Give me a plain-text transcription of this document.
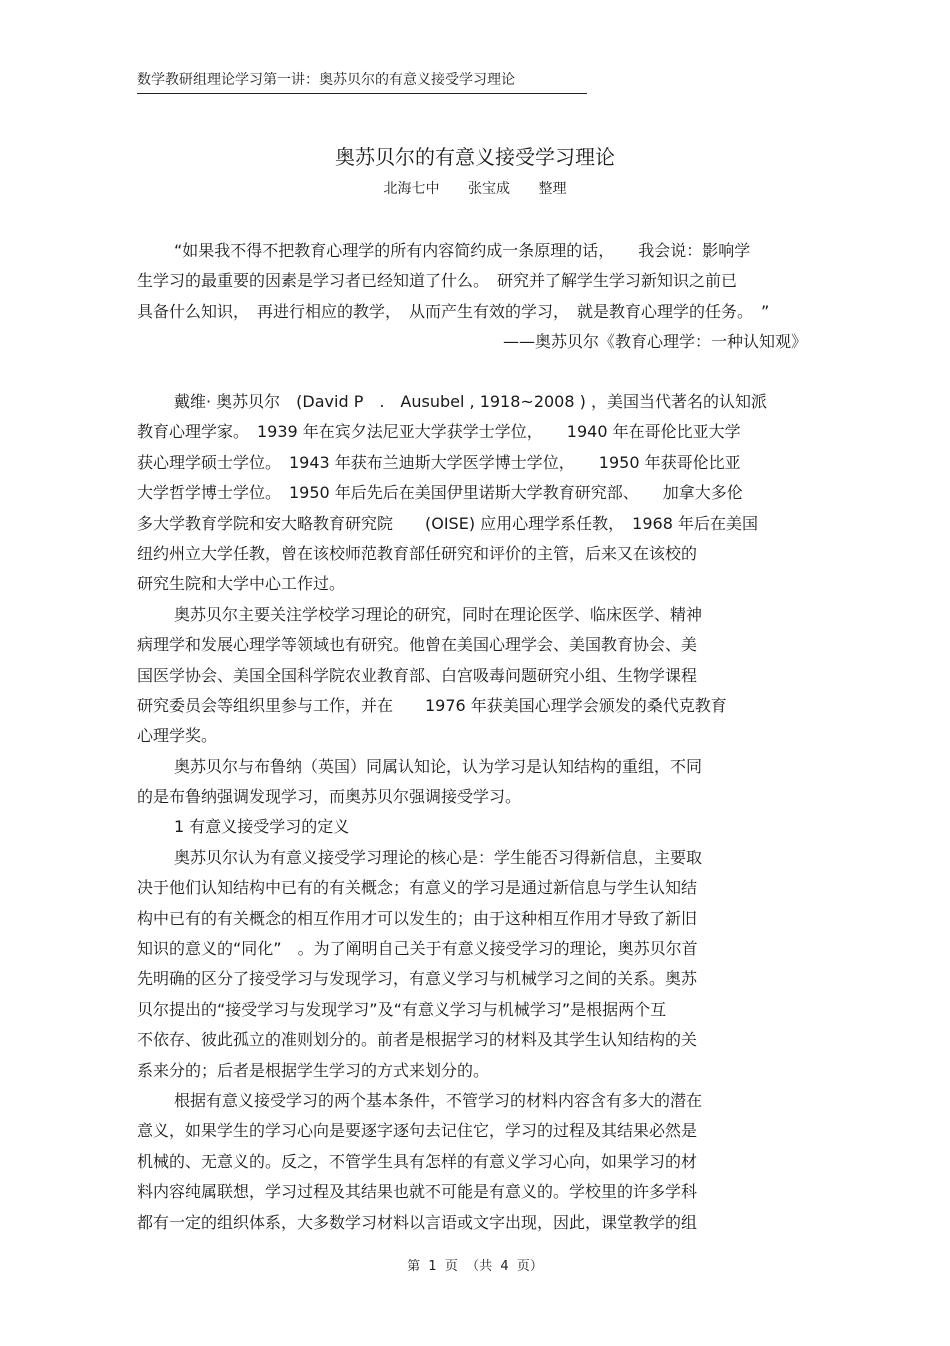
数学教研组理论学习第一讲：奥苏贝尔的有意义接受学习理论
奥苏贝尔的有意义接受学习理论
北海七中 张宝成 整理
“如果我不得不把教育心理学的所有内容简约成一条原理的话，　　我会说：影响学
生学习的最重要的因素是学习者已经知道了什么。　研究并了解学生学习新知识之前已
具备什么知识，　再进行相应的教学，　从而产生有效的学习，　就是教育心理学的任务。　”
——奥苏贝尔《教育心理学：一种认知观》
戴维· 奥苏贝尔　(David P　.　Ausubel , 1918~2008 ) ，美国当代著名的认知派
教育心理学家。　1939 年在宾夕法尼亚大学获学士学位，　　1940 年在哥伦比亚大学
获心理学硕士学位。　1943 年获布兰迪斯大学医学博士学位，　　1950 年获哥伦比亚
大学哲学博士学位。　1950 年后先后在美国伊里诺斯大学教育研究部、　　加拿大多伦
多大学教育学院和安大略教育研究院　　(OISE) 应用心理学系任教，　1968 年后在美国
纽约州立大学任教，曾在该校师范教育部任研究和评价的主管，后来又在该校的
研究生院和大学中心工作过。
奥苏贝尔主要关注学校学习理论的研究，同时在理论医学、临床医学、精神
病理学和发展心理学等领域也有研究。他曾在美国心理学会、美国教育协会、美
国医学协会、美国全国科学院农业教育部、白宫吸毒问题研究小组、生物学课程
研究委员会等组织里参与工作，并在　　1976 年获美国心理学会颁发的桑代克教育
心理学奖。
奥苏贝尔与布鲁纳（英国）同属认知论，认为学习是认知结构的重组，不同
的是布鲁纳强调发现学习，而奥苏贝尔强调接受学习。
1 有意义接受学习的定义
奥苏贝尔认为有意义接受学习理论的核心是：学生能否习得新信息，主要取
决于他们认知结构中已有的有关概念；有意义的学习是通过新信息与学生认知结
构中已有的有关概念的相互作用才可以发生的；由于这种相互作用才导致了新旧
知识的意义的“同化”　。为了阐明自己关于有意义接受学习的理论，奥苏贝尔首
先明确的区分了接受学习与发现学习，有意义学习与机械学习之间的关系。奥苏
贝尔提出的“接受学习与发现学习”及“有意义学习与机械学习”是根据两个互
不依存、彼此孤立的准则划分的。前者是根据学习的材料及其学生认知结构的关
系来分的；后者是根据学生学习的方式来划分的。
根据有意义接受学习的两个基本条件，不管学习的材料内容含有多大的潜在
意义，如果学生的学习心向是要逐字逐句去记住它，学习的过程及其结果必然是
机械的、无意义的。反之，不管学生具有怎样的有意义学习心向，如果学习的材
料内容纯属联想，学习过程及其结果也就不可能是有意义的。学校里的许多学科
都有一定的组织体系，大多数学习材料以言语或文字出现，因此，课堂教学的组
第  1  页  （共  4  页）
